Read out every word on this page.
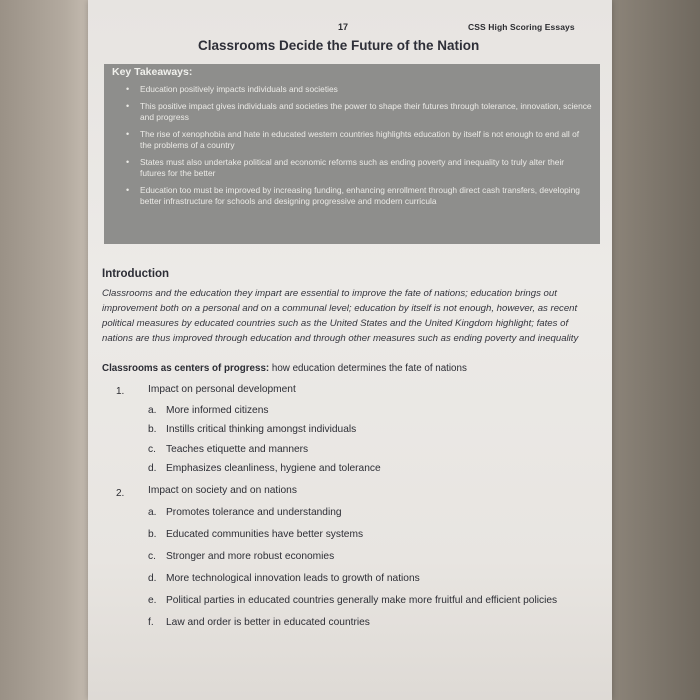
17	CSS High Scoring Essays
Classrooms Decide the Future of the Nation
Key Takeaways:
• Education positively impacts individuals and societies
• This positive impact gives individuals and societies the power to shape their futures through tolerance, innovation, science and progress
• The rise of xenophobia and hate in educated western countries highlights education by itself is not enough to end all of the problems of a country
• States must also undertake political and economic reforms such as ending poverty and inequality to truly alter their futures for the better
• Education too must be improved by increasing funding, enhancing enrollment through direct cash transfers, developing better infrastructure for schools and designing progressive and modern curricula
Introduction
Classrooms and the education they impart are essential to improve the fate of nations; education brings out improvement both on a personal and on a communal level; education by itself is not enough, however, as recent political measures by educated countries such as the United States and the United Kingdom highlight; fates of nations are thus improved through education and through other measures such as ending poverty and inequality
Classrooms as centers of progress: how education determines the fate of nations
1. Impact on personal development
a. More informed citizens
b. Instills critical thinking amongst individuals
c. Teaches etiquette and manners
d. Emphasizes cleanliness, hygiene and tolerance
2. Impact on society and on nations
a. Promotes tolerance and understanding
b. Educated communities have better systems
c. Stronger and more robust economies
d. More technological innovation leads to growth of nations
e. Political parties in educated countries generally make more fruitful and efficient policies
f. Law and order is better in educated countries
